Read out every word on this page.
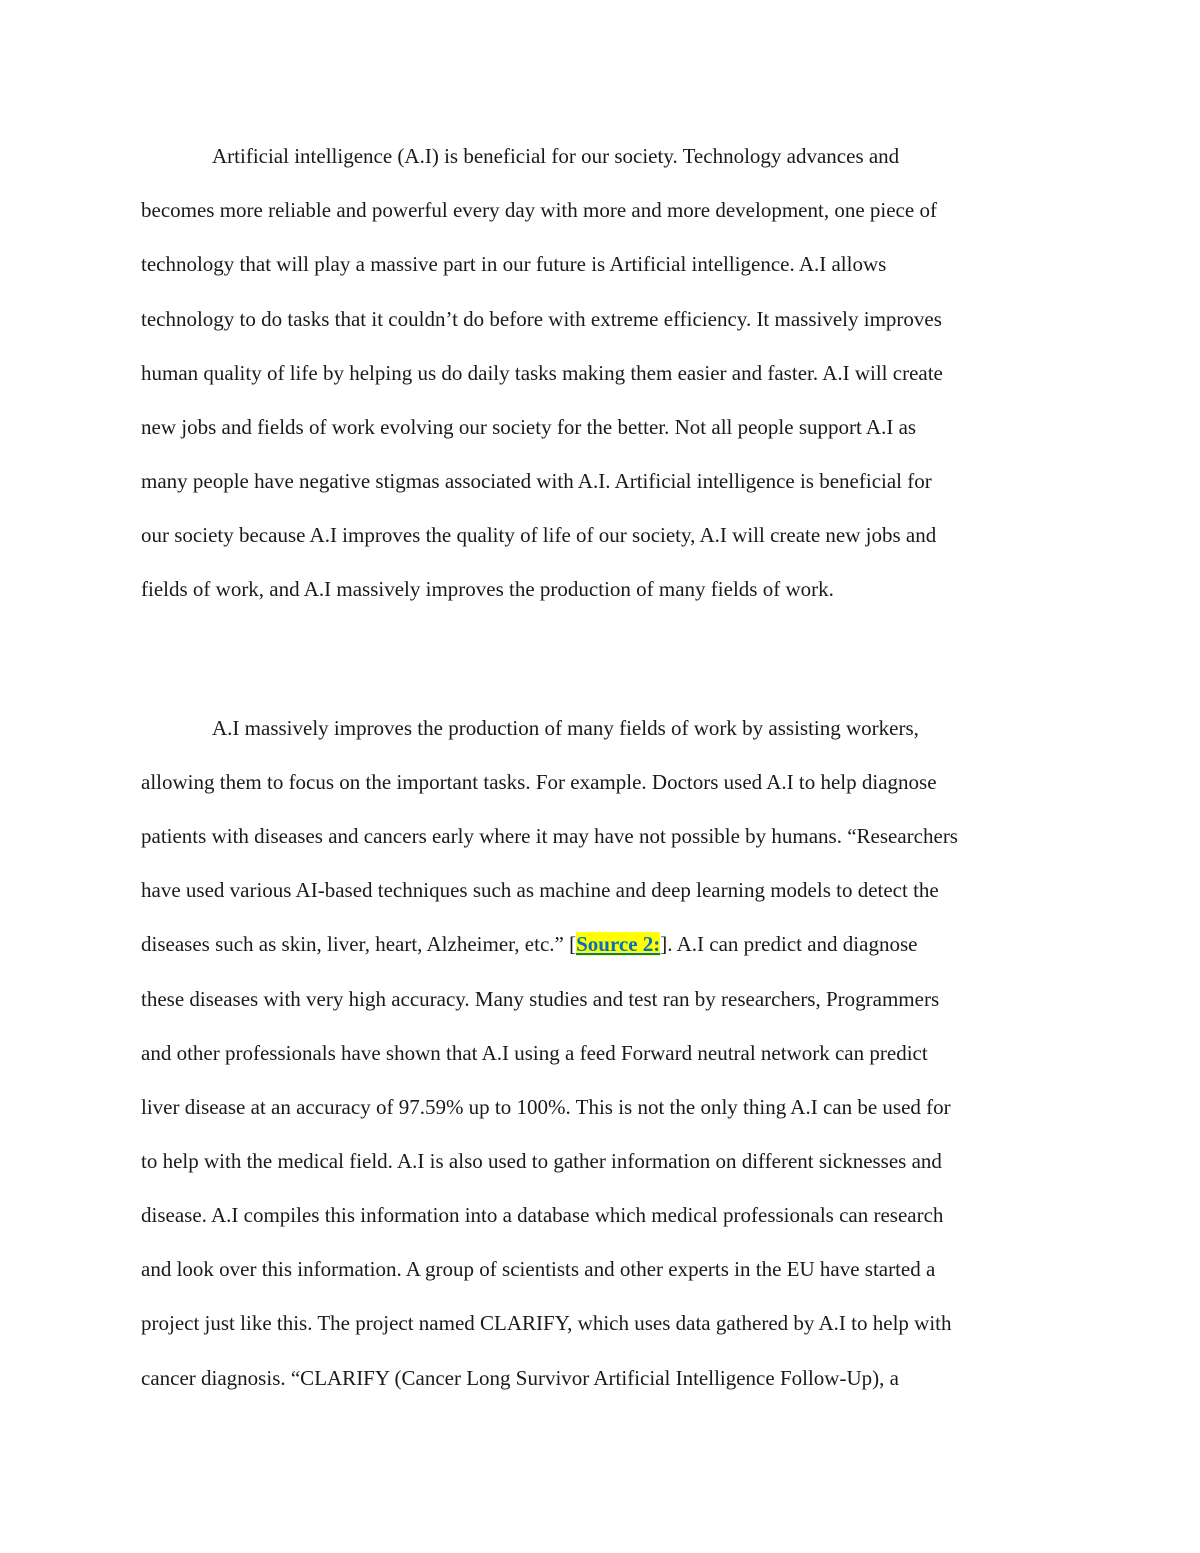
Artificial intelligence (A.I) is beneficial for our society. Technology advances and
becomes more reliable and powerful every day with more and more development, one piece of
technology that will play a massive part in our future is Artificial intelligence. A.I allows
technology to do tasks that it couldn’t do before with extreme efficiency. It massively improves
human quality of life by helping us do daily tasks making them easier and faster. A.I will create
new jobs and fields of work evolving our society for the better. Not all people support A.I as
many people have negative stigmas associated with A.I. Artificial intelligence is beneficial for
our society because A.I improves the quality of life of our society, A.I will create new jobs and
fields of work, and A.I massively improves the production of many fields of work.
A.I massively improves the production of many fields of work by assisting workers,
allowing them to focus on the important tasks. For example. Doctors used A.I to help diagnose
patients with diseases and cancers early where it may have not possible by humans. “Researchers
have used various AI-based techniques such as machine and deep learning models to detect the
diseases such as skin, liver, heart, Alzheimer, etc.” [Source 2:]. A.I can predict and diagnose
these diseases with very high accuracy. Many studies and test ran by researchers, Programmers
and other professionals have shown that A.I using a feed Forward neutral network can predict
liver disease at an accuracy of 97.59% up to 100%. This is not the only thing A.I can be used for
to help with the medical field. A.I is also used to gather information on different sicknesses and
disease. A.I compiles this information into a database which medical professionals can research
and look over this information. A group of scientists and other experts in the EU have started a
project just like this. The project named CLARIFY, which uses data gathered by A.I to help with
cancer diagnosis. “CLARIFY (Cancer Long Survivor Artificial Intelligence Follow-Up), a
